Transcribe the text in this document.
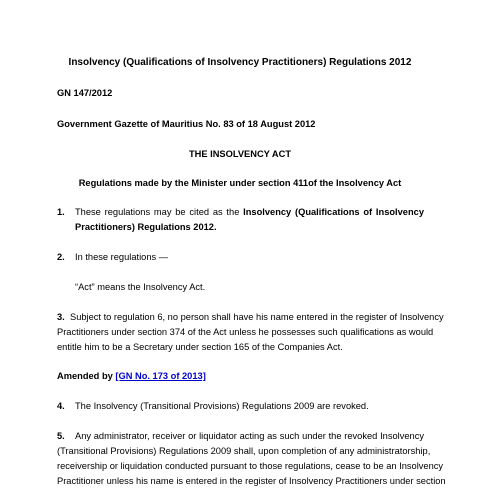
Insolvency (Qualifications of Insolvency Practitioners) Regulations 2012
GN 147/2012
Government Gazette of Mauritius No. 83 of 18 August 2012
THE INSOLVENCY ACT
Regulations made by the Minister under section 411of the Insolvency Act
1. These regulations may be cited as the Insolvency (Qualifications of Insolvency
Practitioners) Regulations 2012.
2. In these regulations —
“Act” means the Insolvency Act.
3. Subject to regulation 6, no person shall have his name entered in the register of Insolvency
Practitioners under section 374 of the Act unless he possesses such qualifications as would
entitle him to be a Secretary under section 165 of the Companies Act.
Amended by [GN No. 173 of 2013]
4. The Insolvency (Transitional Provisions) Regulations 2009 are revoked.
5. Any administrator, receiver or liquidator acting as such under the revoked Insolvency
(Transitional Provisions) Regulations 2009 shall, upon completion of any administratorship,
receivership or liquidation conducted pursuant to those regulations, cease to be an Insolvency
Practitioner unless his name is entered in the register of Insolvency Practitioners under section
